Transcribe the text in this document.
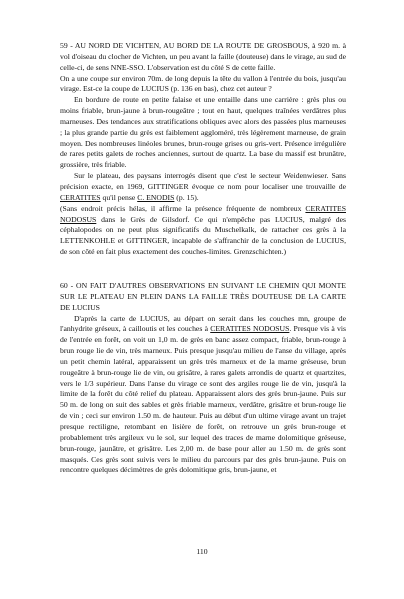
59 - AU NORD DE VICHTEN, AU BORD DE LA ROUTE DE GROSBOUS, à 920 m. à vol d'oiseau du clocher de Vichten, un peu avant la faille (douteuse) dans le virage, au sud de celle-ci, de sens NNE-SSO. L'observation est du côté S de cette faille.

On a une coupe sur environ 70m. de long depuis la tête du vallon à l'entrée du bois, jusqu'au virage. Est-ce la coupe de LUCIUS (p. 136 en bas), chez cet auteur ?

En bordure de route en petite falaise et une entaille dans une carrière : grès plus ou moins friable, brun-jaune à brun-rougeâtre ; tout en haut, quelques traînées verdâtres plus marneuses. Des tendances aux stratifications obliques avec alors des passées plus marneuses ; la plus grande partie du grès est faiblement aggloméré, très légèrement marneuse, de grain moyen. Des nombreuses linéoles brunes, brun-rouge grises ou gris-vert. Présence irrégulière de rares petits galets de roches anciennes, surtout de quartz. La base du massif est brunâtre, grossière, très friable.

Sur le plateau, des paysans interrogés disent que c'est le secteur Weidenwieser. Sans précision exacte, en 1969, GITTINGER évoque ce nom pour localiser une trouvaille de CERATITES qu'il pense C. ENODIS (p. 15).

(Sans endroit précis hélas, il affirme la présence fréquente de nombreux CERATITES NODOSUS dans le Grès de Gilsdorf. Ce qui n'empêche pas LUCIUS, malgré des céphalopodes on ne peut plus significatifs du Muschelkalk, de rattacher ces grès à la LETTENKOHLE et GITTINGER, incapable de s'affranchir de la conclusion de LUCIUS, de son côté en fait plus exactement des couches-limites. Grenzschichten.)

60 - ON FAIT D'AUTRES OBSERVATIONS EN SUIVANT LE CHEMIN QUI MONTE SUR LE PLATEAU EN PLEIN DANS LA FAILLE TRÈS DOUTEUSE DE LA CARTE DE LUCIUS

D'après la carte de LUCIUS, au départ on serait dans les couches mn, groupe de l'anhydrite gréseux, à cailloutis et les couches à CERATITES NODOSUS. Presque vis à vis de l'entrée en forêt, on voit un 1,0 m. de grès en banc assez compact, friable, brun-rouge à brun rouge lie de vin, très marneux. Puis presque jusqu'au milieu de l'anse du village, après un petit chemin latéral, apparaissent un grès très marneux et de la marne gréseuse, brun rougeâtre à brun-rouge lie de vin, ou grisâtre, à rares galets arrondis de quartz et quartzites, vers le 1/3 supérieur. Dans l'anse du virage ce sont des argiles rouge lie de vin, jusqu'à la limite de la forêt du côté relief du plateau. Apparaissent alors des grès brun-jaune. Puis sur 50 m. de long on suit des sables et grès friable marneux, verdâtre, grisâtre et brun-rouge lie de vin ; ceci sur environ 1.50 m. de hauteur. Puis au début d'un ultime virage avant un trajet presque rectiligne, retombant en lisière de forêt, on retrouve un grès brun-rouge et probablement très argileux vu le sol, sur lequel des traces de marne dolomitique gréseuse, brun-rouge, jaunâtre, et grisâtre. Les 2,00 m. de base pour aller au 1.50 m. de grès sont masqués. Ces grès sont suivis vers le milieu du parcours par des grès brun-jaune. Puis on rencontre quelques décimètres de grès dolomitique gris, brun-jaune, et

110
